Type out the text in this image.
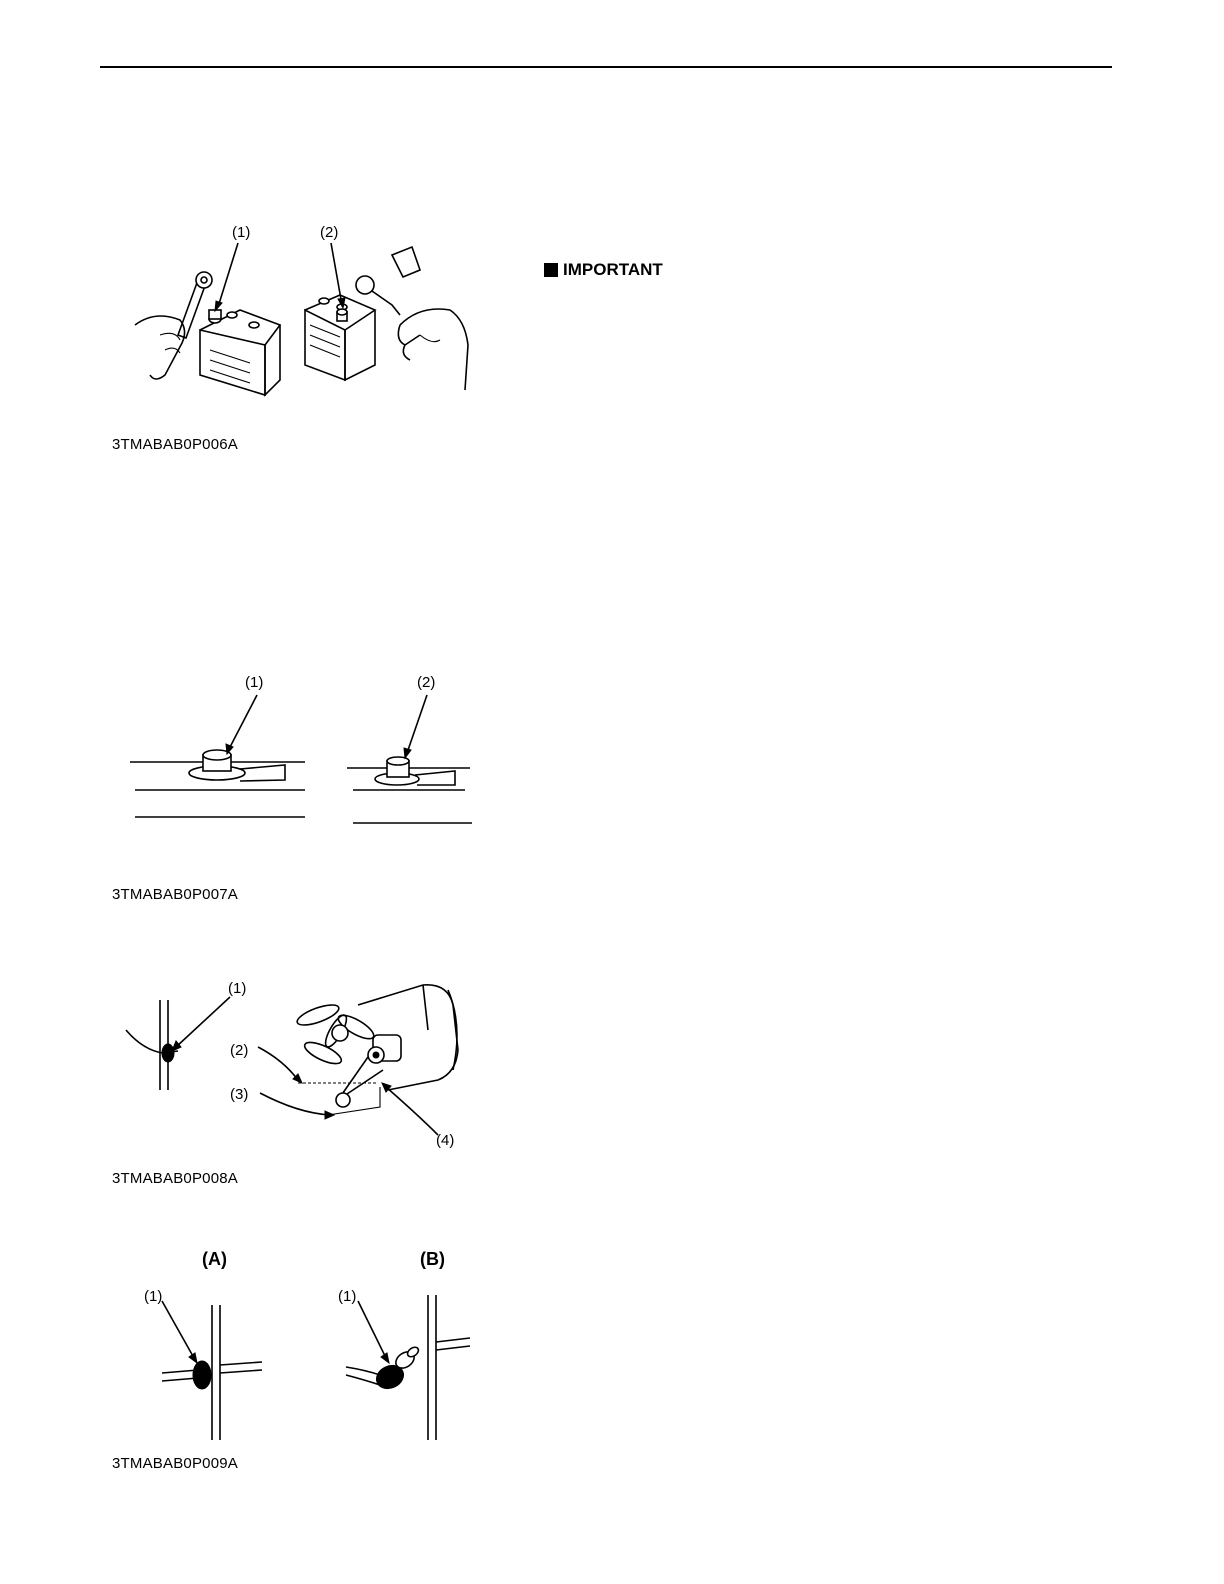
IMPORTANT
(1)	(2)
3TMABAB0P006A
(1)	(2)
3TMABAB0P007A
(1)
(2)
(3)
(4)
3TMABAB0P008A
(A)	(B)
(1)	(1)
3TMABAB0P009A
